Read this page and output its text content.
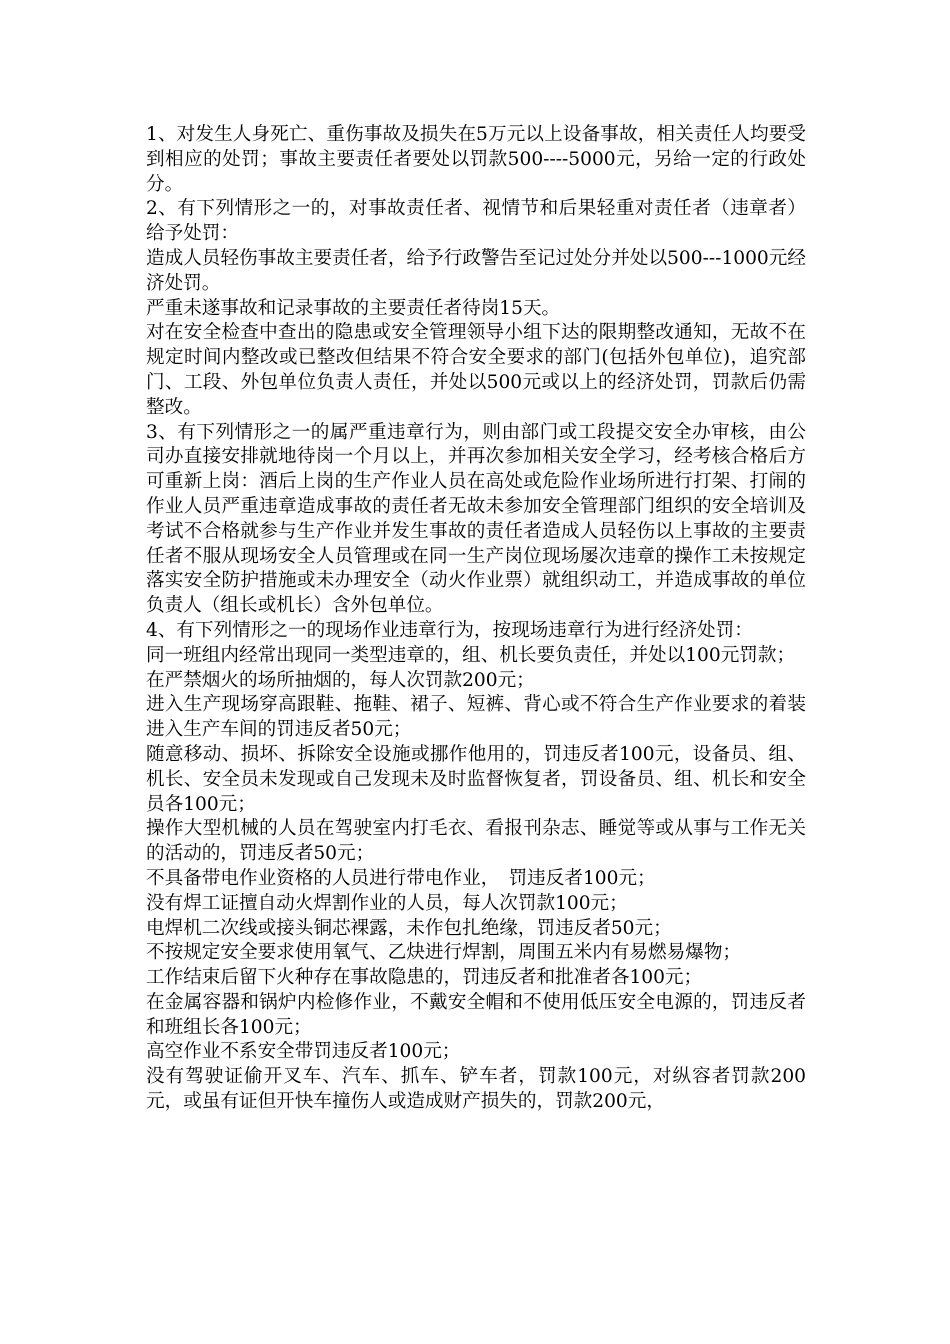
1、对发生人身死亡、重伤事故及损失在5万元以上设备事故，相关责任人均要受到相应的处罚；事故主要责任者要处以罚款500----5000元，另给一定的行政处分。

2、有下列情形之一的，对事故责任者、视情节和后果轻重对责任者（违章者）给予处罚：

造成人员轻伤事故主要责任者，给予行政警告至记过处分并处以500---1000元经济处罚。

严重未遂事故和记录事故的主要责任者待岗15天。

对在安全检查中查出的隐患或安全管理领导小组下达的限期整改通知，无故不在规定时间内整改或已整改但结果不符合安全要求的部门(包括外包单位)，追究部门、工段、外包单位负责人责任，并处以500元或以上的经济处罚，罚款后仍需整改。

3、有下列情形之一的属严重违章行为，则由部门或工段提交安全办审核，由公司办直接安排就地待岗一个月以上，并再次参加相关安全学习，经考核合格后方可重新上岗：酒后上岗的生产作业人员在高处或危险作业场所进行打架、打闹的作业人员严重违章造成事故的责任者无故未参加安全管理部门组织的安全培训及考试不合格就参与生产作业并发生事故的责任者造成人员轻伤以上事故的主要责任者不服从现场安全人员管理或在同一生产岗位现场屡次违章的操作工未按规定落实安全防护措施或未办理安全（动火作业票）就组织动工，并造成事故的单位负责人（组长或机长）含外包单位。

4、有下列情形之一的现场作业违章行为，按现场违章行为进行经济处罚：

同一班组内经常出现同一类型违章的，组、机长要负责任，并处以100元罚款；

在严禁烟火的场所抽烟的，每人次罚款200元；

进入生产现场穿高跟鞋、拖鞋、裙子、短裤、背心或不符合生产作业要求的着装进入生产车间的罚违反者50元；

随意移动、损坏、拆除安全设施或挪作他用的，罚违反者100元，设备员、组、机长、安全员未发现或自己发现未及时监督恢复者，罚设备员、组、机长和安全员各100元；

操作大型机械的人员在驾驶室内打毛衣、看报刊杂志、睡觉等或从事与工作无关的活动的，罚违反者50元；

不具备带电作业资格的人员进行带电作业，　罚违反者100元；

没有焊工证擅自动火焊割作业的人员，每人次罚款100元；

电焊机二次线或接头铜芯裸露，未作包扎绝缘，罚违反者50元；

不按规定安全要求使用氧气、乙炔进行焊割，周围五米内有易燃易爆物；

工作结束后留下火种存在事故隐患的，罚违反者和批准者各100元；

在金属容器和锅炉内检修作业，不戴安全帽和不使用低压安全电源的，罚违反者和班组长各100元；

高空作业不系安全带罚违反者100元；

没有驾驶证偷开叉车、汽车、抓车、铲车者，罚款100元，对纵容者罚款200元，或虽有证但开快车撞伤人或造成财产损失的，罚款200元，
